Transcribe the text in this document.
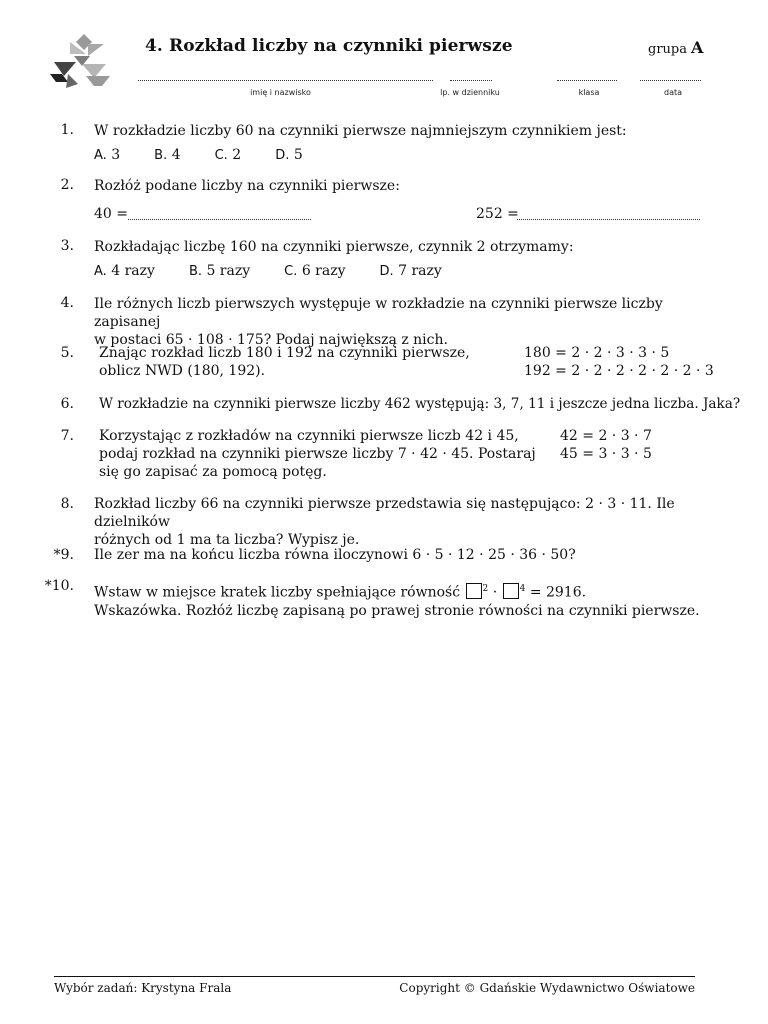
4. Rozkład liczby na czynniki pierwsze	grupa A
imię i nazwisko	lp. w dzienniku	klasa	data
1. W rozkładzie liczby 60 na czynniki pierwsze najmniejszym czynnikiem jest:
A. 3	B. 4	C. 2	D. 5
2. Rozłóż podane liczby na czynniki pierwsze:
40 =	252 =
3. Rozkładając liczbę 160 na czynniki pierwsze, czynnik 2 otrzymamy:
A. 4 razy	B. 5 razy	C. 6 razy	D. 7 razy
4. Ile różnych liczb pierwszych występuje w rozkładzie na czynniki pierwsze liczby zapisanej
w postaci 65 · 108 · 175? Podaj największą z nich.
5. Znając rozkład liczb 180 i 192 na czynniki pierwsze,
oblicz NWD (180, 192).
180 = 2 · 2 · 3 · 3 · 5
192 = 2 · 2 · 2 · 2 · 2 · 2 · 3
6. W rozkładzie na czynniki pierwsze liczby 462 występują: 3, 7, 11 i jeszcze jedna liczba. Jaka?
7. Korzystając z rozkładów na czynniki pierwsze liczb 42 i 45,
podaj rozkład na czynniki pierwsze liczby 7 · 42 · 45. Postaraj
się go zapisać za pomocą potęg.
42 = 2 · 3 · 7
45 = 3 · 3 · 5
8. Rozkład liczby 66 na czynniki pierwsze przedstawia się następująco: 2 · 3 · 11. Ile dzielników
różnych od 1 ma ta liczba? Wypisz je.
*9. Ile zer ma na końcu liczba równa iloczynowi 6 · 5 · 12 · 25 · 36 · 50?
*10. Wstaw w miejsce kratek liczby spełniające równość $^2$ · $^4$ = 2916.
Wskazówka. Rozłóż liczbę zapisaną po prawej stronie równości na czynniki pierwsze.
Wybór zadań: Krystyna Frala	Copyright © Gdańskie Wydawnictwo Oświatowe
